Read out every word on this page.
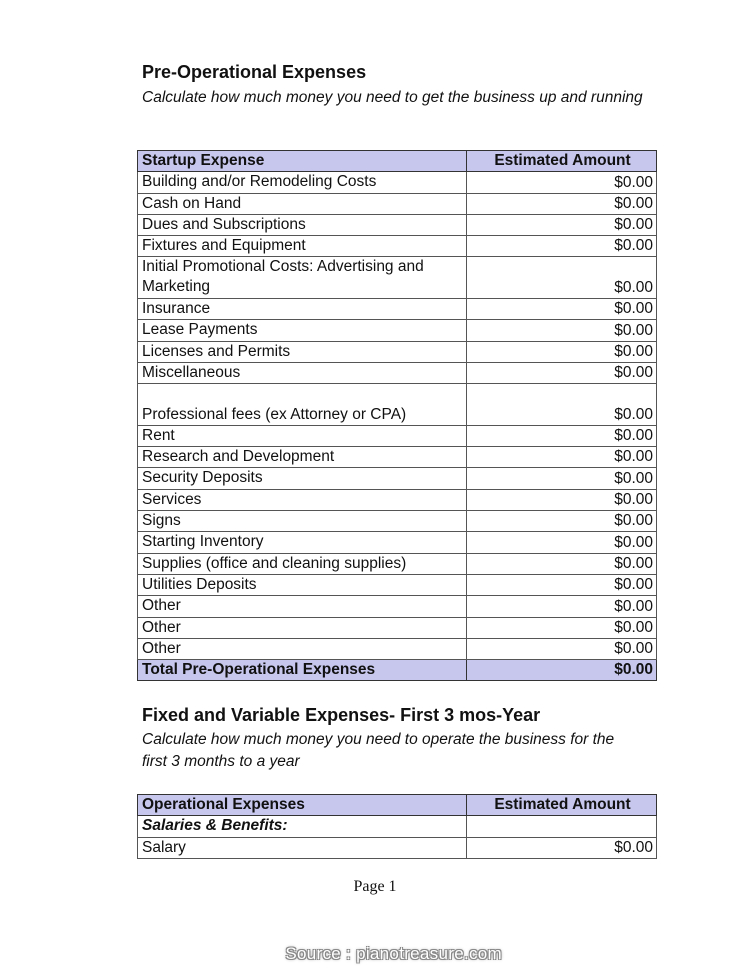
Pre-Operational Expenses

Calculate how much money you need to get the business up and running

Startup Expense	Estimated Amount
Building and/or Remodeling Costs	$0.00
Cash on Hand	$0.00
Dues and Subscriptions	$0.00
Fixtures and Equipment	$0.00
Initial Promotional Costs: Advertising and Marketing	$0.00
Insurance	$0.00
Lease Payments	$0.00
Licenses and Permits	$0.00
Miscellaneous	$0.00
Professional fees (ex Attorney or CPA)	$0.00
Rent	$0.00
Research and Development	$0.00
Security Deposits	$0.00
Services	$0.00
Signs	$0.00
Starting Inventory	$0.00
Supplies (office and cleaning supplies)	$0.00
Utilities Deposits	$0.00
Other	$0.00
Other	$0.00
Other	$0.00
Total Pre-Operational Expenses	$0.00
Fixed and Variable Expenses- First 3 mos-Year

Calculate how much money you need to operate the business for the first 3 months to a year

Operational Expenses	Estimated Amount
Salaries & Benefits:	
Salary	$0.00
Page 1
Source : pianotreasure.com
